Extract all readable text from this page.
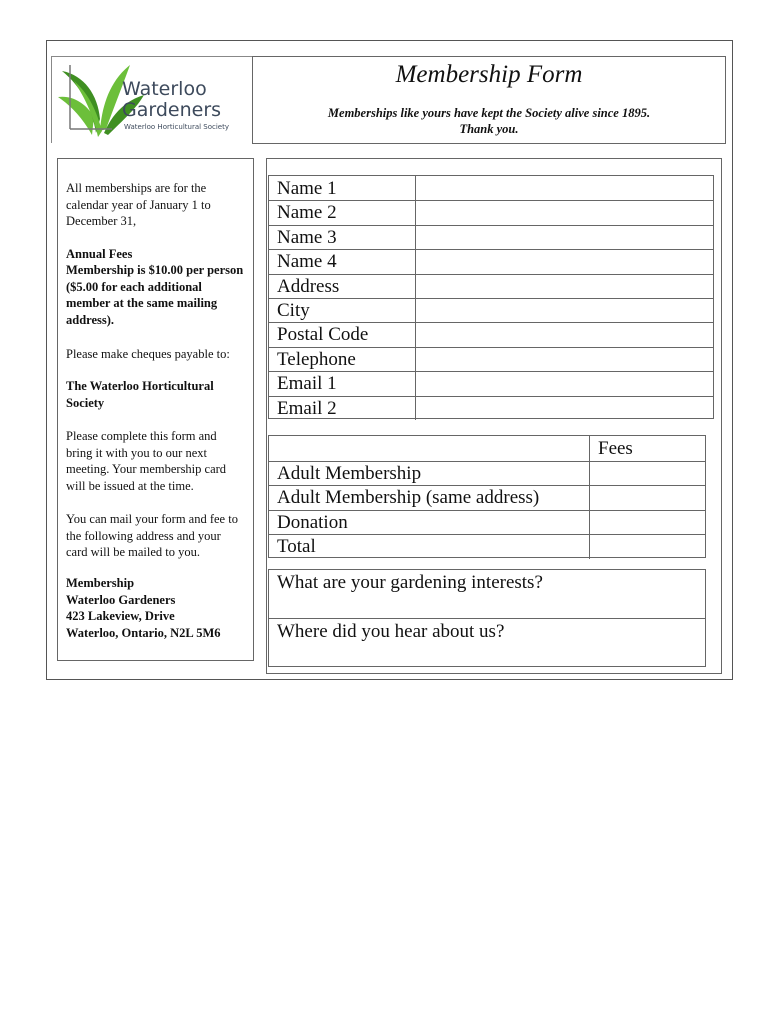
Waterloo
Gardeners
Waterloo Horticultural Society
Membership Form
Memberships like yours have kept the Society alive since 1895.
Thank you.
All memberships are for the calendar year of January 1 to December 31,
Annual Fees
Membership is $10.00 per person ($5.00 for each additional member at the same mailing address).
Please make cheques payable to:
The Waterloo Horticultural Society
Please complete this form and bring it with you to our next meeting. Your membership card will be issued at the time.
You can mail your form and fee to the following address and your card will be mailed to you.
Membership
Waterloo Gardeners
423 Lakeview, Drive
Waterloo, Ontario, N2L 5M6
Name 1
Name 2
Name 3
Name 4
Address
City
Postal Code
Telephone
Email 1
Email 2
Fees
Adult Membership
Adult Membership (same address)
Donation
Total
What are your gardening interests?
Where did you hear about us?
